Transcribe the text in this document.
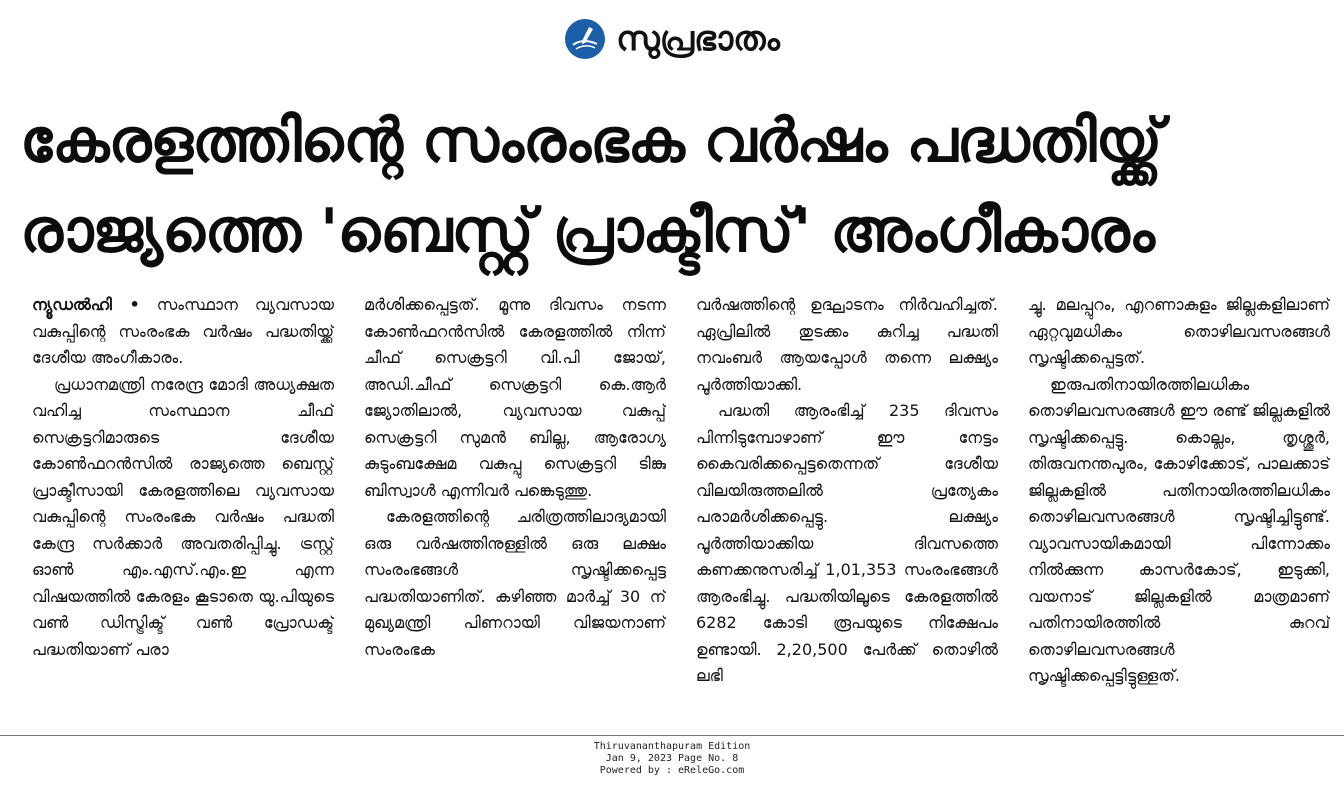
സുപ്രഭാതം
കേരളത്തിന്റെ സംരംഭക വർഷം പദ്ധതിയ്ക്ക്
രാജ്യത്തെ 'ബെസ്റ്റ് പ്രാക്ടീസ്' അംഗീകാരം

ന്യൂഡൽഹി • സംസ്ഥാന വ്യവസായ വകുപ്പിന്റെ സംരംഭക വർഷം പദ്ധതിയ്ക്ക് ദേശീയ അംഗീകാരം.

പ്രധാനമന്ത്രി നരേന്ദ്ര മോദി അധ്യക്ഷത വഹിച്ച സംസ്ഥാന ചീഫ് സെക്രട്ടറിമാരുടെ ദേശീയ കോൺഫറൻസിൽ രാജ്യത്തെ ബെസ്റ്റ് പ്രാക്ടീസായി കേരളത്തിലെ വ്യവസായ വകുപ്പിന്റെ സംരംഭക വർഷം പദ്ധതി കേന്ദ്ര സർക്കാർ അവതരിപ്പിച്ചു. ട്രസ്റ്റ് ഓൺ എം.എസ്.എം.ഇ എന്ന വിഷയത്തിൽ കേരളം കൂടാതെ യു.പിയുടെ വൺ ഡിസ്ട്രിക്ട് വൺ പ്രോഡക്ട് പദ്ധതിയാണ് പരാ

മർശിക്കപ്പെട്ടത്. മൂന്നു ദിവസം നടന്ന കോൺഫറൻസിൽ കേരളത്തിൽ നിന്ന് ചീഫ് സെക്രട്ടറി വി.പി ജോയ്, അഡി.ചീഫ് സെക്രട്ടറി കെ.ആർ ജ്യോതിലാൽ, വ്യവസായ വകുപ്പ് സെക്രട്ടറി സുമൻ ബില്ല, ആരോഗ്യ കുടുംബക്ഷേമ വകുപ്പു സെക്രട്ടറി ടിങ്കു ബിസ്വാൾ എന്നിവർ പങ്കെടുത്തു.

കേരളത്തിന്റെ ചരിത്രത്തിലാദ്യമായി ഒരു വർഷത്തിനുള്ളിൽ ഒരു ലക്ഷം സംരംഭങ്ങൾ സൃഷ്ടിക്കപ്പെട്ട പദ്ധതിയാണിത്. കഴിഞ്ഞ മാർച്ച് 30 ന് മുഖ്യമന്ത്രി പിണറായി വിജയനാണ് സംരംഭക

വർഷത്തിന്റെ ഉദ്ഘാടനം നിർവഹിച്ചത്. ഏപ്രിലിൽ തുടക്കം കുറിച്ച പദ്ധതി നവംബർ ആയപ്പോൾ തന്നെ ലക്ഷ്യം പൂർത്തിയാക്കി.

പദ്ധതി ആരംഭിച്ച് 235 ദിവസം പിന്നിടുമ്പോഴാണ് ഈ നേട്ടം കൈവരിക്കപ്പെട്ടതെന്നത് ദേശീയ വിലയിരുത്തലിൽ പ്രത്യേകം പരാമർശിക്കപ്പെട്ടു. ലക്ഷ്യം പൂർത്തിയാക്കിയ ദിവസത്തെ കണക്കനുസരിച്ച് 1,01,353 സംരംഭങ്ങൾ ആരംഭിച്ചു. പദ്ധതിയിലൂടെ കേരളത്തിൽ 6282 കോടി രൂപയുടെ നിക്ഷേപം ഉണ്ടായി. 2,20,500 പേർക്ക് തൊഴിൽ ലഭി

ച്ചു. മലപ്പുറം, എറണാകുളം ജില്ലകളിലാണ് ഏറ്റവുമധികം തൊഴിലവസരങ്ങൾ സൃഷ്ടിക്കപ്പെട്ടത്.

ഇരുപതിനായിരത്തിലധികം തൊഴിലവസരങ്ങൾ ഈ രണ്ട് ജില്ലകളിൽ സൃഷ്ടിക്കപ്പെട്ടു. കൊല്ലം, തൃശ്ശൂർ, തിരുവനന്തപുരം, കോഴിക്കോട്, പാലക്കാട് ജില്ലകളിൽ പതിനായിരത്തിലധികം തൊഴിലവസരങ്ങൾ സൃഷ്ടിച്ചിട്ടുണ്ട്. വ്യാവസായികമായി പിന്നോക്കം നിൽക്കുന്ന കാസർകോട്, ഇടുക്കി, വയനാട് ജില്ലകളിൽ മാത്രമാണ് പതിനായിരത്തിൽ കുറവ് തൊഴിലവസരങ്ങൾ സൃഷ്ടിക്കപ്പെട്ടിട്ടുള്ളത്.

Thiruvananthapuram Edition
Jan 9, 2023 Page No. 8
Powered by : eReleGo.com
